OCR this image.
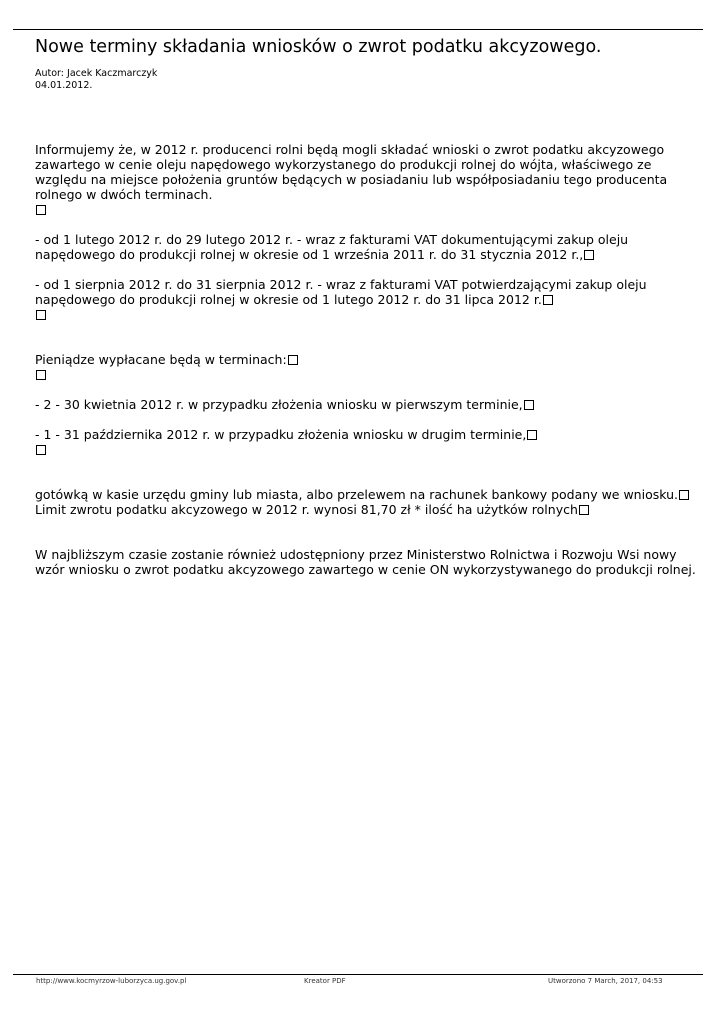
Nowe terminy składania wniosków o zwrot podatku akcyzowego.
Autor: Jacek Kaczmarczyk
04.01.2012.

Informujemy że, w 2012 r. producenci rolni będą mogli składać wnioski o zwrot podatku akcyzowego

zawartego w cenie oleju napędowego wykorzystanego do produkcji rolnej do wójta, właściwego ze

względu na miejsce położenia gruntów będących w posiadaniu lub współposiadaniu tego producenta

rolnego w dwóch terminach.

- od 1 lutego 2012 r. do 29 lutego 2012 r. - wraz z fakturami VAT dokumentującymi zakup oleju

napędowego do produkcji rolnej w okresie od 1 września 2011 r. do 31 stycznia 2012 r.,

- od 1 sierpnia 2012 r. do 31 sierpnia 2012 r. - wraz z fakturami VAT potwierdzającymi zakup oleju

napędowego do produkcji rolnej w okresie od 1 lutego 2012 r. do 31 lipca 2012 r.

Pieniądze wypłacane będą w terminach:

- 2 - 30 kwietnia 2012 r. w przypadku złożenia wniosku w pierwszym terminie,

- 1 - 31 października 2012 r. w przypadku złożenia wniosku w drugim terminie,

gotówką w kasie urzędu gminy lub miasta, albo przelewem na rachunek bankowy podany we wniosku.

Limit zwrotu podatku akcyzowego w 2012 r. wynosi 81,70 zł * ilość ha użytków rolnych

W najbliższym czasie zostanie również udostępniony przez Ministerstwo Rolnictwa i Rozwoju Wsi nowy

wzór wniosku o zwrot podatku akcyzowego zawartego w cenie ON wykorzystywanego do produkcji rolnej.

http://www.kocmyrzow-luborzyca.ug.gov.pl	Kreator PDF	Utworzono 7 March, 2017, 04:53
